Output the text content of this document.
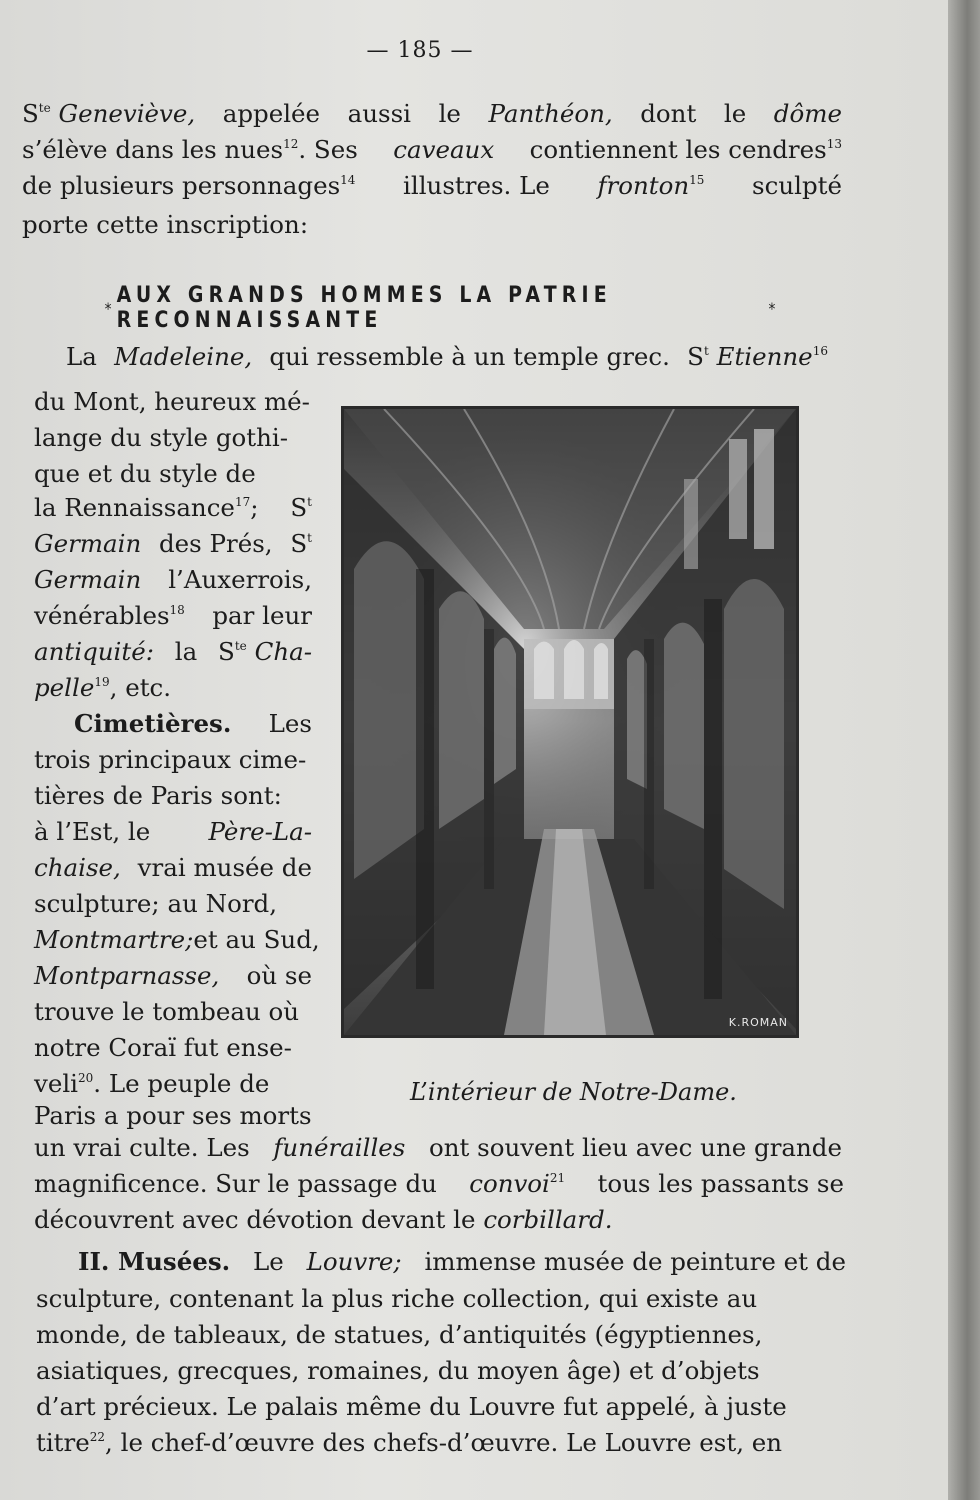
— 185 —
$S^{te}$ Geneviève, appelée aussi le Panthéon, dont le dôme
s’élève dans les nues$^{12}$. Ses caveaux contiennent les cendres$^{13}$
de plusieurs personnages$^{14}$ illustres. Le fronton$^{15}$ sculpté
porte cette inscription:
* AUX GRANDS HOMMES LA PATRIE RECONNAISSANTE	*
La Madeleine, qui ressemble à un temple grec. $S^t$ Etienne$^{16}$
du Mont, heureux mé-
lange du style gothi-
que et du style de
la Rennaissance$^{17}$; $S^t$
Germain des Prés, $S^t$
Germain l’Auxerrois,
vénérables$^{18}$ par leur
antiquité: la $S^{te}$ Cha-
pelle$^{19}$, etc.
Cimetières. Les
trois principaux cime-
tières de Paris sont:
à l’Est, le Père-La-
chaise, vrai musée de
sculpture; au Nord,
Montmartre; et au Sud,
Montparnasse, où se
trouve le tombeau où
notre Coraï fut ense-
veli$^{20}$. Le peuple de
Paris a pour ses morts
un vrai culte. Les funérailles ont souvent lieu avec une grande
magnificence. Sur le passage du convoi$^{21}$ tous les passants se
découvrent avec dévotion devant le corbillard.
II. Musées. Le Louvre; immense musée de peinture et de
sculpture, contenant la plus riche collection, qui existe au
monde, de tableaux, de statues, d’antiquités (égyptiennes,
asiatiques, grecques, romaines, du moyen âge) et d’objets
d’art précieux. Le palais même du Louvre fut appelé, à juste
titre$^{22}$, le chef-d’œuvre des chefs-d’œuvre. Le Louvre est, en
K.ROMAN
L’intérieur de Notre-Dame.
